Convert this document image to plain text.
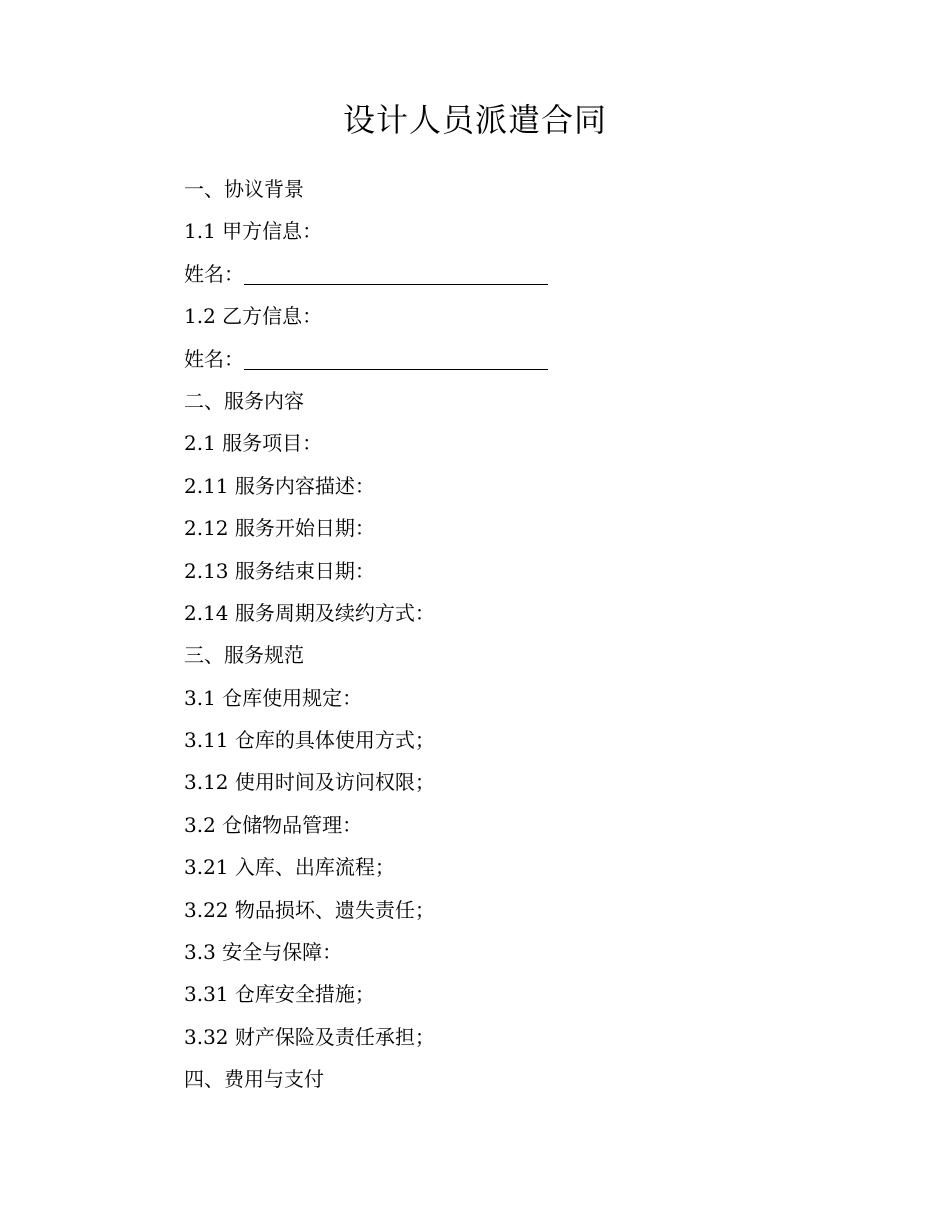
设计人员派遣合同
一、协议背景
1.1 甲方信息：
姓名：
1.2 乙方信息：
姓名：
二、服务内容
2.1 服务项目：
2.11 服务内容描述：
2.12 服务开始日期：
2.13 服务结束日期：
2.14 服务周期及续约方式：
三、服务规范
3.1 仓库使用规定：
3.11 仓库的具体使用方式；
3.12 使用时间及访问权限；
3.2 仓储物品管理：
3.21 入库、出库流程；
3.22 物品损坏、遗失责任；
3.3 安全与保障：
3.31 仓库安全措施；
3.32 财产保险及责任承担；
四、费用与支付
